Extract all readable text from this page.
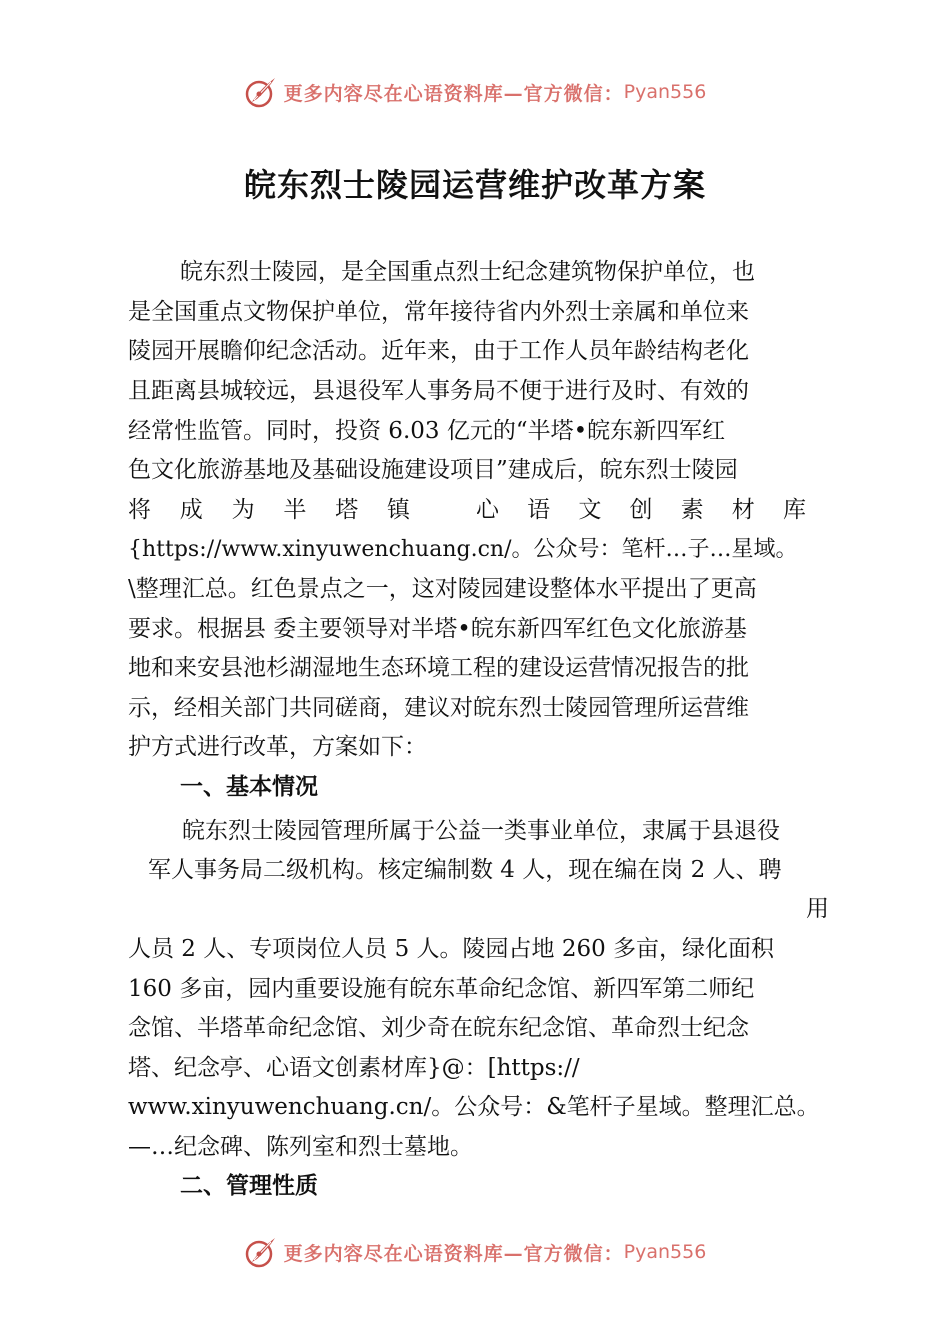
更多内容尽在心语资料库—官方微信： Pyan556
皖东烈士陵园运营维护改革方案
皖东烈士陵园，是全国重点烈士纪念建筑物保护单位，也
是全国重点文物保护单位，常年接待省内外烈士亲属和单位来
陵园开展瞻仰纪念活动。近年来，由于工作人员年龄结构老化
且距离县城较远，县退役军人事务局不便于进行及时、有效的
经常性监管。同时，投资 6.03 亿元的“半塔•皖东新四军红
色文化旅游基地及基础设施建设项目”建成后，皖东烈士陵园
将 成 为 半 塔 镇	心 语 文 创 素 材 库
{https://www.xinyuwenchuang.cn/。公众号：笔杆…子…星域。
\整理汇总。红色景点之一，这对陵园建设整体水平提出了更高
要求。根据县 委主要领导对半塔•皖东新四军红色文化旅游基
地和来安县池杉湖湿地生态环境工程的建设运营情况报告的批
示，经相关部门共同磋商，建议对皖东烈士陵园管理所运营维
护方式进行改革，方案如下：
一、基本情况
皖东烈士陵园管理所属于公益一类事业单位，隶属于县退役
军人事务局二级机构。核定编制数 4 人，现在编在岗 2 人、聘
用
人员 2 人、专项岗位人员 5 人。陵园占地 260 多亩，绿化面积
160 多亩，园内重要设施有皖东革命纪念馆、新四军第二师纪
念馆、半塔革命纪念馆、刘少奇在皖东纪念馆、革命烈士纪念
塔、纪念亭、心语文创素材库}@：[https://
www.xinyuwenchuang.cn/。公众号：&笔杆子星域。整理汇总。
—…纪念碑、陈列室和烈士墓地。
二、管理性质
更多内容尽在心语资料库—官方微信： Pyan556
